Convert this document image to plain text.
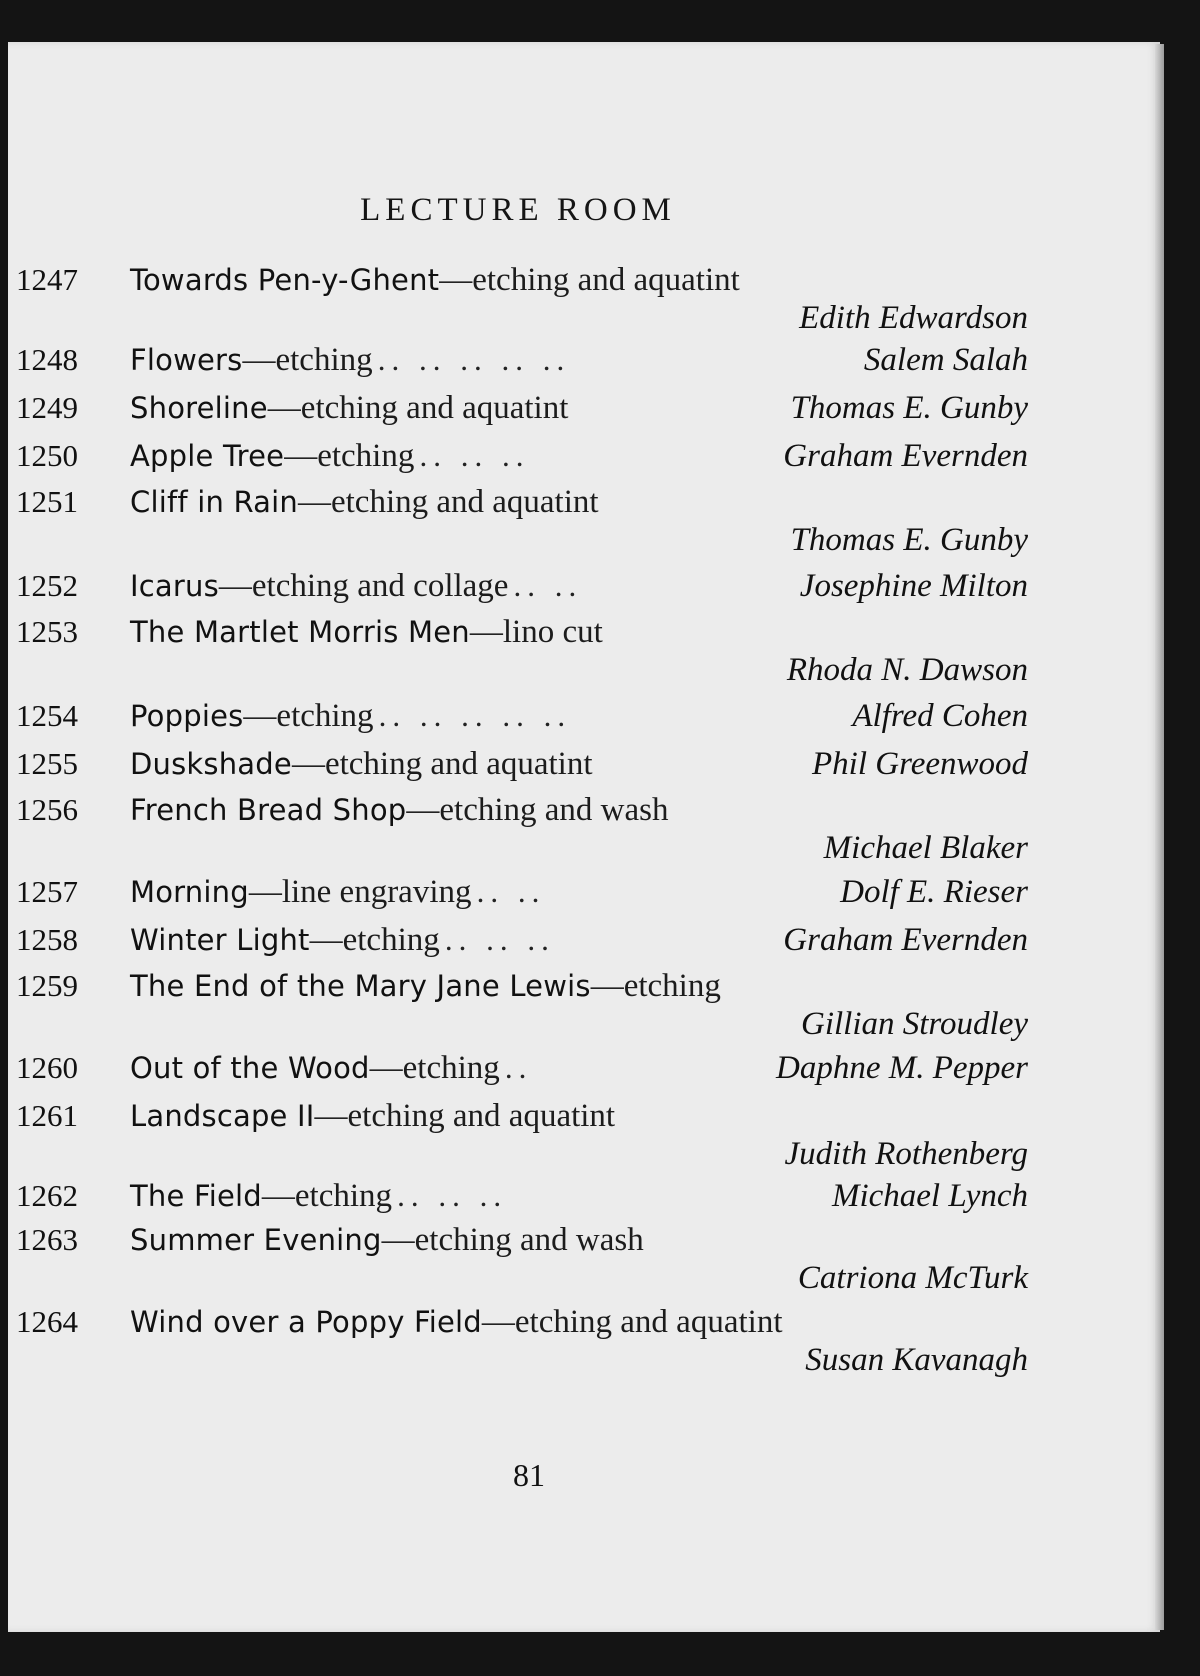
LECTURE ROOM
1247 Towards Pen-y-Ghent—etching and aquatint
Edith Edwardson
1248 Flowers—etching .. .. .. .. ..	Salem Salah
1249 Shoreline—etching and aquatint	Thomas E. Gunby
1250 Apple Tree—etching .. .. ..	Graham Evernden
1251 Cliff in Rain—etching and aquatint
Thomas E. Gunby
1252 Icarus—etching and collage .. ..	Josephine Milton
1253 The Martlet Morris Men—lino cut
Rhoda N. Dawson
1254 Poppies—etching .. .. .. .. ..	Alfred Cohen
1255 Duskshade—etching and aquatint	Phil Greenwood
1256 French Bread Shop—etching and wash
Michael Blaker
1257 Morning—line engraving .. ..	Dolf E. Rieser
1258 Winter Light—etching .. .. ..	Graham Evernden
1259 The End of the Mary Jane Lewis—etching
Gillian Stroudley
1260 Out of the Wood—etching ..	Daphne M. Pepper
1261 Landscape II—etching and aquatint
Judith Rothenberg
1262 The Field—etching .. .. ..	Michael Lynch
1263 Summer Evening—etching and wash
Catriona McTurk
1264 Wind over a Poppy Field—etching and aquatint
Susan Kavanagh
81
